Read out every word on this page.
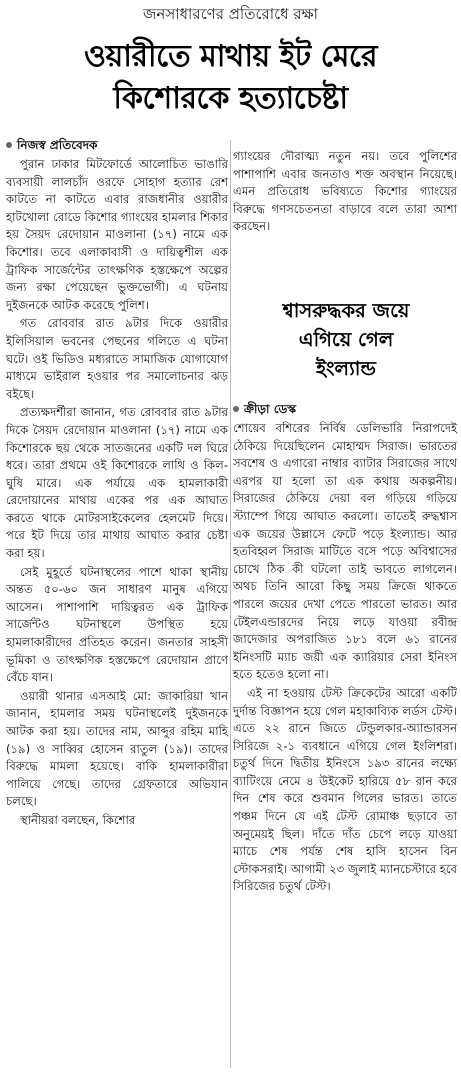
জনসাধারণের প্রতিরোধে রক্ষা
ওয়ারীতে মাথায় ইট মেরে
কিশোরকে হত্যাচেষ্টা
নিজস্ব প্রতিবেদক

পুরান ঢাকার মিটফোর্ডে আলোচিত ভাঙারি ব্যবসায়ী লালচাঁদ ওরফে সোহাগ হত্যার রেশ কাটতে না কাটতে এবার রাজধানীর ওয়ারীর হাটখোলা রোডে কিশোর গ্যাংয়ের হামলার শিকার হয় সৈয়দ রেদোয়ান মাওলানা (১৭) নামে এক কিশোর। তবে এলাকাবাসী ও দায়িত্বশীল এক ট্রাফিক সার্জেন্টের তাৎক্ষণিক হস্তক্ষেপে অল্পের জন্য রক্ষা পেয়েছেন ভুক্তভোগী। এ ঘটনায় দুইজনকে আটক করেছে পুলিশ।

গত রোববার রাত ৯টার দিকে ওয়ারীর ইলিসিয়াল ভবনের পেছনের গলিতে এ ঘটনা ঘটে। ওই ভিডিও মধ্যরাতে সামাজিক যোগাযোগ মাধ্যমে ভাইরাল হওয়ার পর সমালোচনার ঝড় বইছে।

প্রত্যক্ষদর্শীরা জানান, গত রোববার রাত ৯টার দিকে সৈয়দ রেদোয়ান মাওলানা (১৭) নামে এক কিশোরকে ছয় থেকে সাতজনের একটি দল ঘিরে ধরে। তারা প্রথমে ওই কিশোরকে লাথি ও কিল-ঘুষি মারে। এক পর্যায়ে এক হামলাকারী রেদোয়ানের মাথায় একের পর এক আঘাত করতে থাকে মোটরসাইকেলের হেলমেট দিয়ে। পরে ইট দিয়ে তার মাথায় আঘাত করার চেষ্টা করা হয়।

সেই মুহূর্তে ঘটনাস্থলের পাশে থাকা স্থানীয় অন্তত ৫০-৬০ জন সাধারণ মানুষ এগিয়ে আসেন। পাশাপাশি দায়িত্বরত এক ট্রাফিক সার্জেন্টও ঘটনাস্থলে উপস্থিত হয়ে হামলাকারীদের প্রতিহত করেন। জনতার সাহসী ভূমিকা ও তাৎক্ষণিক হস্তক্ষেপে রেদোয়ান প্রাণে বেঁচে যান।

ওয়ারী থানার এসআই মো: জাকারিয়া খান জানান, হামলার সময় ঘটনাস্থলেই দুইজনকে আটক করা হয়। তাদের নাম, আব্দুর রহিম মাহি (১৯) ও সাব্বির হোসেন রাতুল (১৯)। তাদের বিরুদ্ধে মামলা হয়েছে। বাকি হামলাকারীরা পালিয়ে গেছে। তাদের গ্রেফতারে অভিযান চলছে।

স্থানীয়রা বলছেন, কিশোর

গ্যাংয়ের দৌরাত্ম্য নতুন নয়। তবে পুলিশের পাশাপাশি এবার জনতাও শক্ত অবস্থান নিয়েছে। এমন প্রতিরোধ ভবিষ্যতে কিশোর গ্যাংয়ের বিরুদ্ধে গণসচেতনতা বাড়াবে বলে তারা আশা করছেন।

শ্বাসরুদ্ধকর জয়ে
এগিয়ে গেল
ইংল্যান্ড
ক্রীড়া ডেস্ক

শোয়েব বশিরের নির্বিষ ডেলিভারি নিরাপদেই ঠেকিয়ে দিয়েছিলেন মোহাম্মদ সিরাজ। ভারতের সবশেষ ও এগারো নাম্বার ব্যাটার সিরাজের সাথে এরপর যা হলো তা এক কথায় অকল্পনীয়। সিরাজের ঠেকিয়ে দেয়া বল গড়িয়ে গড়িয়ে স্ট্যাম্পে গিয়ে আঘাত করলো। তাতেই রুদ্ধশ্বাস এক জয়ের উল্লাসে ফেটে পড়ে ইংল্যান্ড। আর হতবিহ্বল সিরাজ মাটিতে বসে পড়ে অবিশ্বাসের চোখে ঠিক কী ঘটলো তাই ভাবতে লাগলেন। অথচ তিনি আরো কিছু সময় ক্রিজে থাকতে পারলে জয়ের দেখা পেতে পারতো ভারত। আর টেইলএন্ডারদের নিয়ে লড়ে যাওয়া রবীন্দ্র জাদেজার অপরাজিত ১৮১ বলে ৬১ রানের ইনিংসটি ম্যাচ জয়ী এক ক্যারিয়ার সেরা ইনিংস হতে হতেও হলো না।

এই না হওয়ায় টেস্ট ক্রিকেটের আরো একটি দুর্দান্ত বিজ্ঞাপন হয়ে গেল মহাকাব্যিক লর্ডস টেস্ট। এতে ২২ রানে জিতে টেন্ডুলকার-অ্যান্ডারসন সিরিজে ২-১ ব্যবধানে এগিয়ে গেল ইংলিশরা। চতুর্থ দিনে দ্বিতীয় ইনিংসে ১৯৩ রানের লক্ষ্যে ব্যাটিংয়ে নেমে ৪ উইকেট হারিয়ে ৫৮ রান করে দিন শেষ করে শুবমান গিলের ভারত। তাতে পঞ্চম দিনে যে এই টেস্ট রোমাঞ্চ ছড়াবে তা অনুমেয়ই ছিল। দাঁতে দাঁত চেপে লড়ে যাওয়া ম্যাচে শেষ পর্যন্ত শেষ হাসি হাসেন বিন স্টোকসরাই। আগামী ২৩ জুলাই ম্যানচেস্টারে হবে সিরিজের চতুর্থ টেস্ট।
